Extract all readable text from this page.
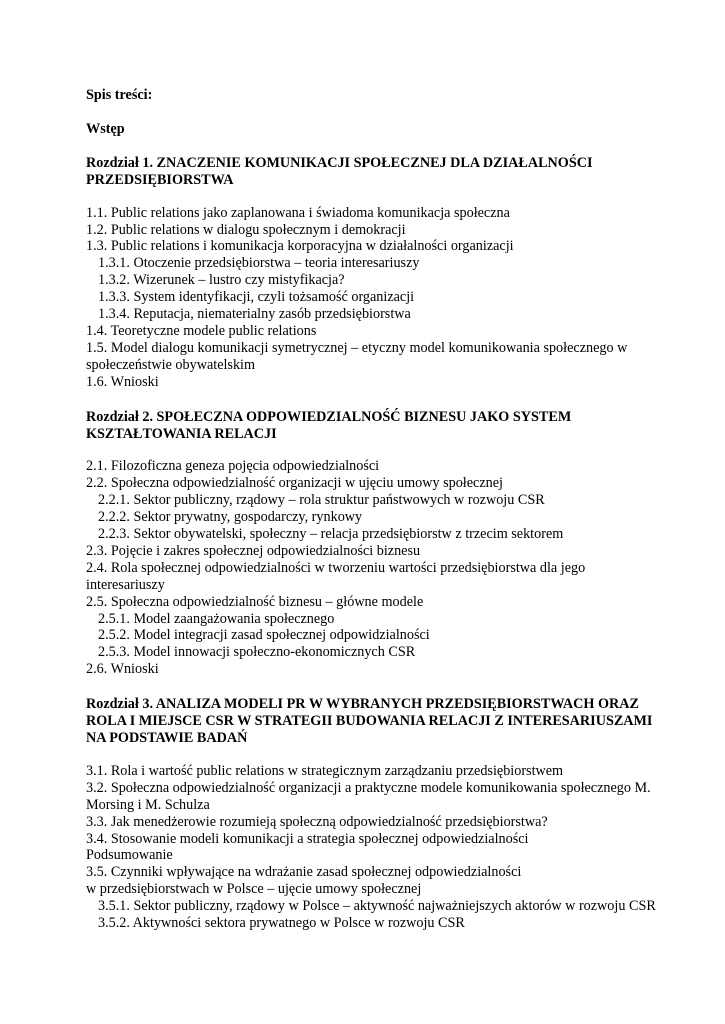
Spis treści:
Wstęp
Rozdział 1. ZNACZENIE KOMUNIKACJI SPOŁECZNEJ DLA DZIAŁALNOŚCI PRZEDSIĘBIORSTWA
1.1. Public relations jako zaplanowana i świadoma komunikacja społeczna
1.2. Public relations w dialogu społecznym i demokracji
1.3. Public relations i komunikacja korporacyjna w działalności organizacji
1.3.1. Otoczenie przedsiębiorstwa – teoria interesariuszy
1.3.2. Wizerunek – lustro czy mistyfikacja?
1.3.3. System identyfikacji, czyli tożsamość organizacji
1.3.4. Reputacja, niematerialny zasób przedsiębiorstwa
1.4. Teoretyczne modele public relations
1.5. Model dialogu komunikacji symetrycznej – etyczny model komunikowania społecznego w społeczeństwie obywatelskim
1.6. Wnioski
Rozdział 2. SPOŁECZNA ODPOWIEDZIALNOŚĆ BIZNESU JAKO SYSTEM KSZTAŁTOWANIA RELACJI
2.1. Filozoficzna geneza pojęcia odpowiedzialności
2.2. Społeczna odpowiedzialność organizacji w ujęciu umowy społecznej
2.2.1. Sektor publiczny, rządowy – rola struktur państwowych w rozwoju CSR
2.2.2. Sektor prywatny, gospodarczy, rynkowy
2.2.3. Sektor obywatelski, społeczny – relacja przedsiębiorstw z trzecim sektorem
2.3. Pojęcie i zakres społecznej odpowiedzialności biznesu
2.4. Rola społecznej odpowiedzialności w tworzeniu wartości przedsiębiorstwa dla jego interesariuszy
2.5. Społeczna odpowiedzialność biznesu – główne modele
2.5.1. Model zaangażowania społecznego
2.5.2. Model integracji zasad społecznej odpowidzialności
2.5.3. Model innowacji społeczno-ekonomicznych CSR
2.6. Wnioski
Rozdział 3. ANALIZA MODELI PR W WYBRANYCH PRZEDSIĘBIORSTWACH ORAZ ROLA I MIEJSCE CSR W STRATEGII BUDOWANIA RELACJI Z INTERESARIUSZAMI NA PODSTAWIE BADAŃ
3.1. Rola i wartość public relations w strategicznym zarządzaniu przedsiębiorstwem
3.2. Społeczna odpowiedzialność organizacji a praktyczne modele komunikowania społecznego M. Morsing i M. Schulza
3.3. Jak menedżerowie rozumieją społeczną odpowiedzialność przedsiębiorstwa?
3.4. Stosowanie modeli komunikacji a strategia społecznej odpowiedzialności
Podsumowanie
3.5. Czynniki wpływające na wdrażanie zasad społecznej odpowiedzialności
w przedsiębiorstwach w Polsce – ujęcie umowy społecznej
3.5.1. Sektor publiczny, rządowy w Polsce – aktywność najważniejszych aktorów w rozwoju CSR
3.5.2. Aktywności sektora prywatnego w Polsce w rozwoju CSR
